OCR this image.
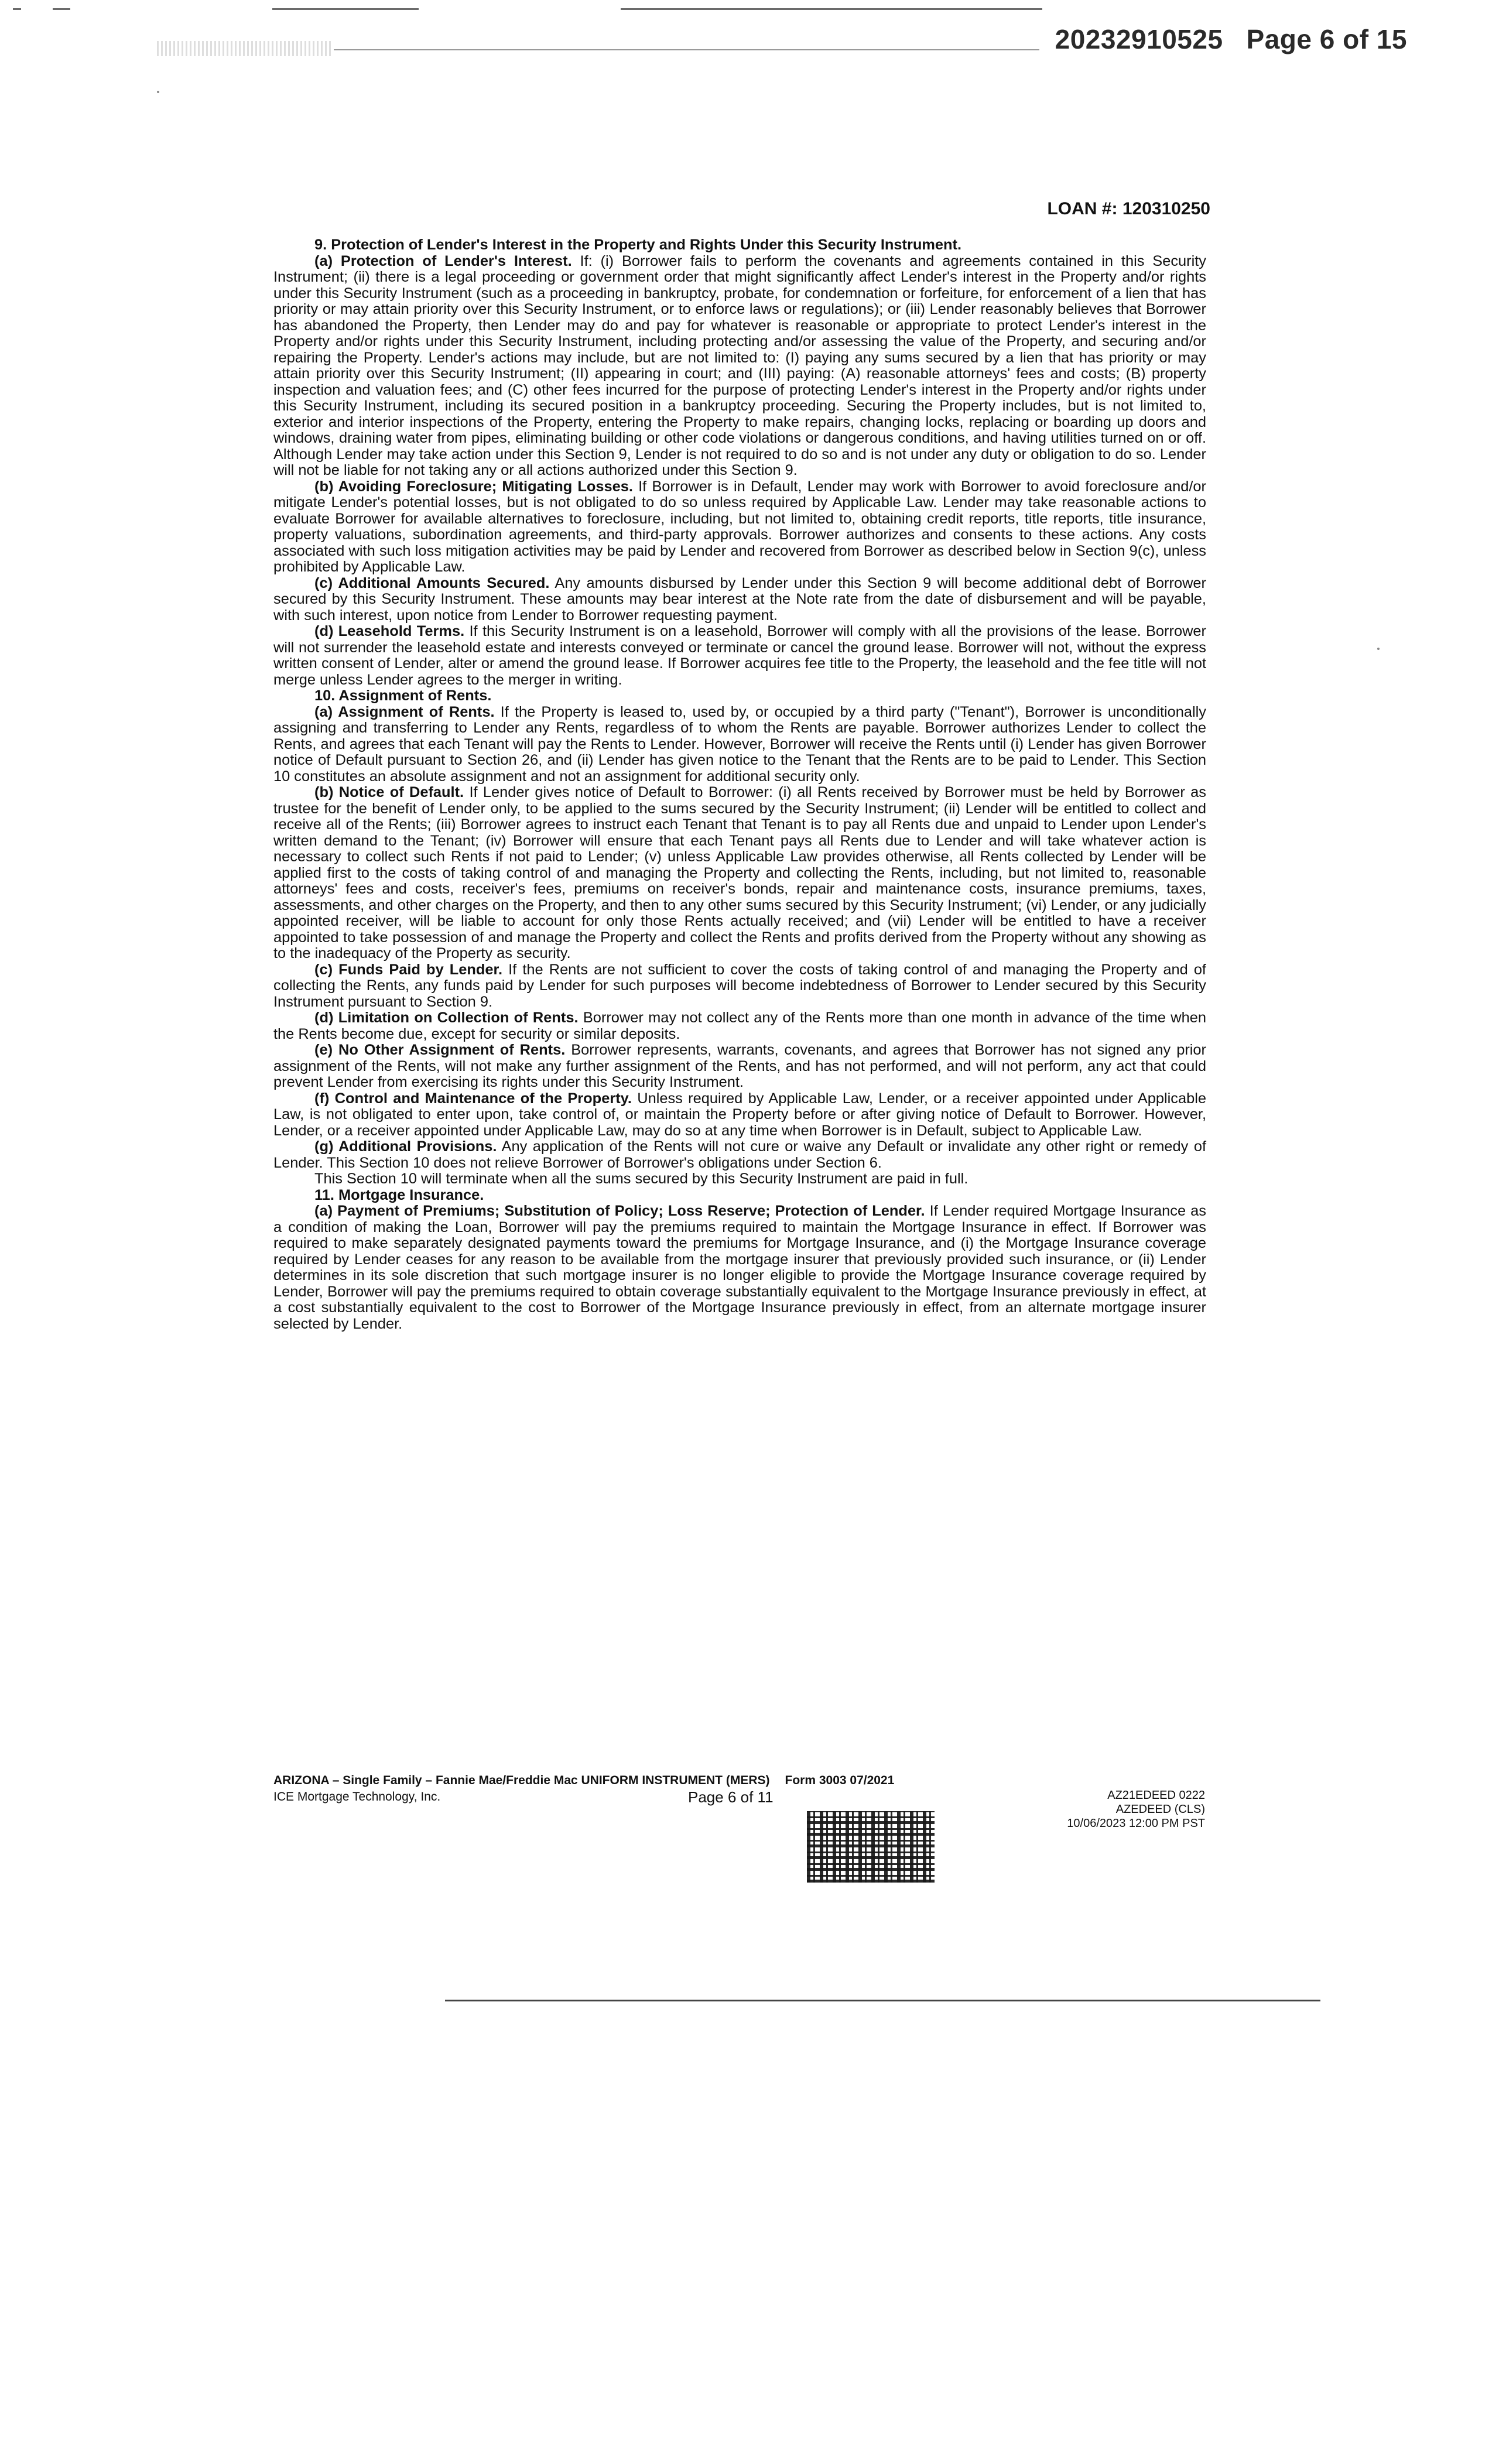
20232910525 Page 6 of 15
LOAN #: 120310250

9. Protection of Lender's Interest in the Property and Rights Under this Security Instrument.

(a) Protection of Lender's Interest. If: (i) Borrower fails to perform the covenants and agreements contained in this Security Instrument; (ii) there is a legal proceeding or government order that might significantly affect Lender's interest in the Property and/or rights under this Security Instrument (such as a proceeding in bankruptcy, probate, for condemnation or forfeiture, for enforcement of a lien that has priority or may attain priority over this Security Instrument, or to enforce laws or regulations); or (iii) Lender reasonably believes that Borrower has abandoned the Property, then Lender may do and pay for whatever is reasonable or appropriate to protect Lender's interest in the Property and/or rights under this Security Instrument, including protecting and/or assessing the value of the Property, and securing and/or repairing the Property. Lender's actions may include, but are not limited to: (I) paying any sums secured by a lien that has priority or may attain priority over this Security Instrument; (II) appearing in court; and (III) paying: (A) reasonable attorneys' fees and costs; (B) property inspection and valuation fees; and (C) other fees incurred for the purpose of protecting Lender's interest in the Property and/or rights under this Security Instrument, including its secured position in a bankruptcy proceeding. Securing the Property includes, but is not limited to, exterior and interior inspections of the Property, entering the Property to make repairs, changing locks, replacing or boarding up doors and windows, draining water from pipes, eliminating building or other code violations or dangerous conditions, and having utilities turned on or off. Although Lender may take action under this Section 9, Lender is not required to do so and is not under any duty or obligation to do so. Lender will not be liable for not taking any or all actions authorized under this Section 9.

(b) Avoiding Foreclosure; Mitigating Losses. If Borrower is in Default, Lender may work with Borrower to avoid foreclosure and/or mitigate Lender's potential losses, but is not obligated to do so unless required by Applicable Law. Lender may take reasonable actions to evaluate Borrower for available alternatives to foreclosure, including, but not limited to, obtaining credit reports, title reports, title insurance, property valuations, subordination agreements, and third-party approvals. Borrower authorizes and consents to these actions. Any costs associated with such loss mitigation activities may be paid by Lender and recovered from Borrower as described below in Section 9(c), unless prohibited by Applicable Law.

(c) Additional Amounts Secured. Any amounts disbursed by Lender under this Section 9 will become additional debt of Borrower secured by this Security Instrument. These amounts may bear interest at the Note rate from the date of disbursement and will be payable, with such interest, upon notice from Lender to Borrower requesting payment.

(d) Leasehold Terms. If this Security Instrument is on a leasehold, Borrower will comply with all the provisions of the lease. Borrower will not surrender the leasehold estate and interests conveyed or terminate or cancel the ground lease. Borrower will not, without the express written consent of Lender, alter or amend the ground lease. If Borrower acquires fee title to the Property, the leasehold and the fee title will not merge unless Lender agrees to the merger in writing.

10. Assignment of Rents.

(a) Assignment of Rents. If the Property is leased to, used by, or occupied by a third party ("Tenant"), Borrower is unconditionally assigning and transferring to Lender any Rents, regardless of to whom the Rents are payable. Borrower authorizes Lender to collect the Rents, and agrees that each Tenant will pay the Rents to Lender. However, Borrower will receive the Rents until (i) Lender has given Borrower notice of Default pursuant to Section 26, and (ii) Lender has given notice to the Tenant that the Rents are to be paid to Lender. This Section 10 constitutes an absolute assignment and not an assignment for additional security only.

(b) Notice of Default. If Lender gives notice of Default to Borrower: (i) all Rents received by Borrower must be held by Borrower as trustee for the benefit of Lender only, to be applied to the sums secured by the Security Instrument; (ii) Lender will be entitled to collect and receive all of the Rents; (iii) Borrower agrees to instruct each Tenant that Tenant is to pay all Rents due and unpaid to Lender upon Lender's written demand to the Tenant; (iv) Borrower will ensure that each Tenant pays all Rents due to Lender and will take whatever action is necessary to collect such Rents if not paid to Lender; (v) unless Applicable Law provides otherwise, all Rents collected by Lender will be applied first to the costs of taking control of and managing the Property and collecting the Rents, including, but not limited to, reasonable attorneys' fees and costs, receiver's fees, premiums on receiver's bonds, repair and maintenance costs, insurance premiums, taxes, assessments, and other charges on the Property, and then to any other sums secured by this Security Instrument; (vi) Lender, or any judicially appointed receiver, will be liable to account for only those Rents actually received; and (vii) Lender will be entitled to have a receiver appointed to take possession of and manage the Property and collect the Rents and profits derived from the Property without any showing as to the inadequacy of the Property as security.

(c) Funds Paid by Lender. If the Rents are not sufficient to cover the costs of taking control of and managing the Property and of collecting the Rents, any funds paid by Lender for such purposes will become indebtedness of Borrower to Lender secured by this Security Instrument pursuant to Section 9.

(d) Limitation on Collection of Rents. Borrower may not collect any of the Rents more than one month in advance of the time when the Rents become due, except for security or similar deposits.

(e) No Other Assignment of Rents. Borrower represents, warrants, covenants, and agrees that Borrower has not signed any prior assignment of the Rents, will not make any further assignment of the Rents, and has not performed, and will not perform, any act that could prevent Lender from exercising its rights under this Security Instrument.

(f) Control and Maintenance of the Property. Unless required by Applicable Law, Lender, or a receiver appointed under Applicable Law, is not obligated to enter upon, take control of, or maintain the Property before or after giving notice of Default to Borrower. However, Lender, or a receiver appointed under Applicable Law, may do so at any time when Borrower is in Default, subject to Applicable Law.

(g) Additional Provisions. Any application of the Rents will not cure or waive any Default or invalidate any other right or remedy of Lender. This Section 10 does not relieve Borrower of Borrower's obligations under Section 6.

This Section 10 will terminate when all the sums secured by this Security Instrument are paid in full.

11. Mortgage Insurance.

(a) Payment of Premiums; Substitution of Policy; Loss Reserve; Protection of Lender. If Lender required Mortgage Insurance as a condition of making the Loan, Borrower will pay the premiums required to maintain the Mortgage Insurance in effect. If Borrower was required to make separately designated payments toward the premiums for Mortgage Insurance, and (i) the Mortgage Insurance coverage required by Lender ceases for any reason to be available from the mortgage insurer that previously provided such insurance, or (ii) Lender determines in its sole discretion that such mortgage insurer is no longer eligible to provide the Mortgage Insurance coverage required by Lender, Borrower will pay the premiums required to obtain coverage substantially equivalent to the Mortgage Insurance previously in effect, at a cost substantially equivalent to the cost to Borrower of the Mortgage Insurance previously in effect, from an alternate mortgage insurer selected by Lender.

ARIZONA – Single Family – Fannie Mae/Freddie Mac UNIFORM INSTRUMENT (MERS) Form 3003 07/2021
ICE Mortgage Technology, Inc.	Page 6 of 11	AZ21EDEED 0222
AZEDEED (CLS)
10/06/2023 12:00 PM PST
